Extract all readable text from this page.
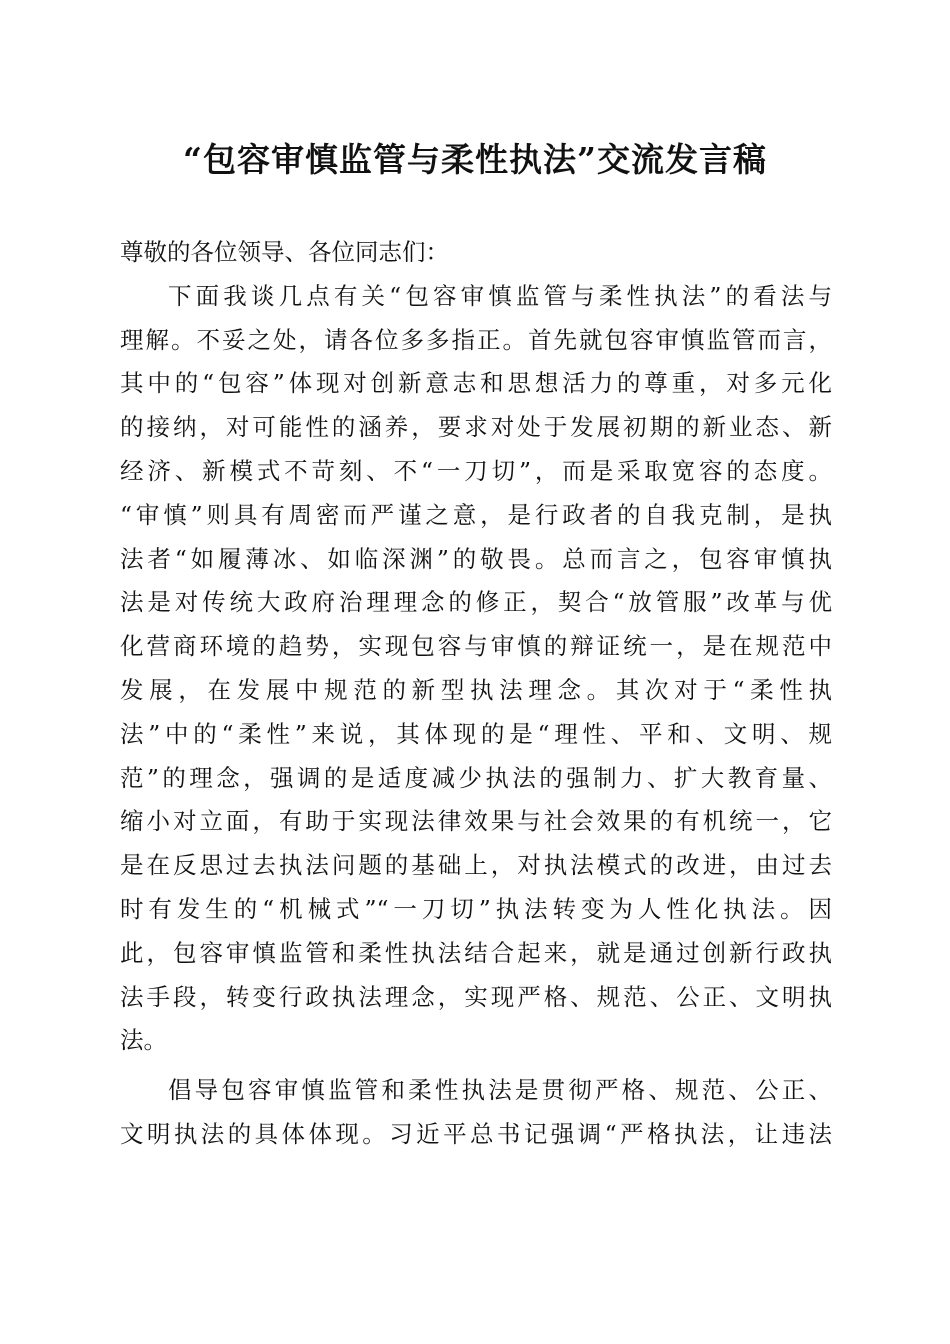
“包容审慎监管与柔性执法”交流发言稿
尊敬的各位领导、各位同志们：
下面我谈几点有关“包容审慎监管与柔性执法”的看法与
理解。不妥之处，请各位多多指正。首先就包容审慎监管而言，
其中的“包容”体现对创新意志和思想活力的尊重，对多元化
的接纳，对可能性的涵养，要求对处于发展初期的新业态、新
经济、新模式不苛刻、不“一刀切”，而是采取宽容的态度。
“审慎”则具有周密而严谨之意，是行政者的自我克制，是执
法者“如履薄冰、如临深渊”的敬畏。总而言之，包容审慎执
法是对传统大政府治理理念的修正，契合“放管服”改革与优
化营商环境的趋势，实现包容与审慎的辩证统一，是在规范中
发展，在发展中规范的新型执法理念。其次对于“柔性执
法”中的“柔性”来说，其体现的是“理性、平和、文明、规
范”的理念，强调的是适度减少执法的强制力、扩大教育量、
缩小对立面，有助于实现法律效果与社会效果的有机统一，它
是在反思过去执法问题的基础上，对执法模式的改进，由过去
时有发生的“机械式”“一刀切”执法转变为人性化执法。因
此，包容审慎监管和柔性执法结合起来，就是通过创新行政执
法手段，转变行政执法理念，实现严格、规范、公正、文明执
法。
倡导包容审慎监管和柔性执法是贯彻严格、规范、公正、
文明执法的具体体现。习近平总书记强调“严格执法，让违法
